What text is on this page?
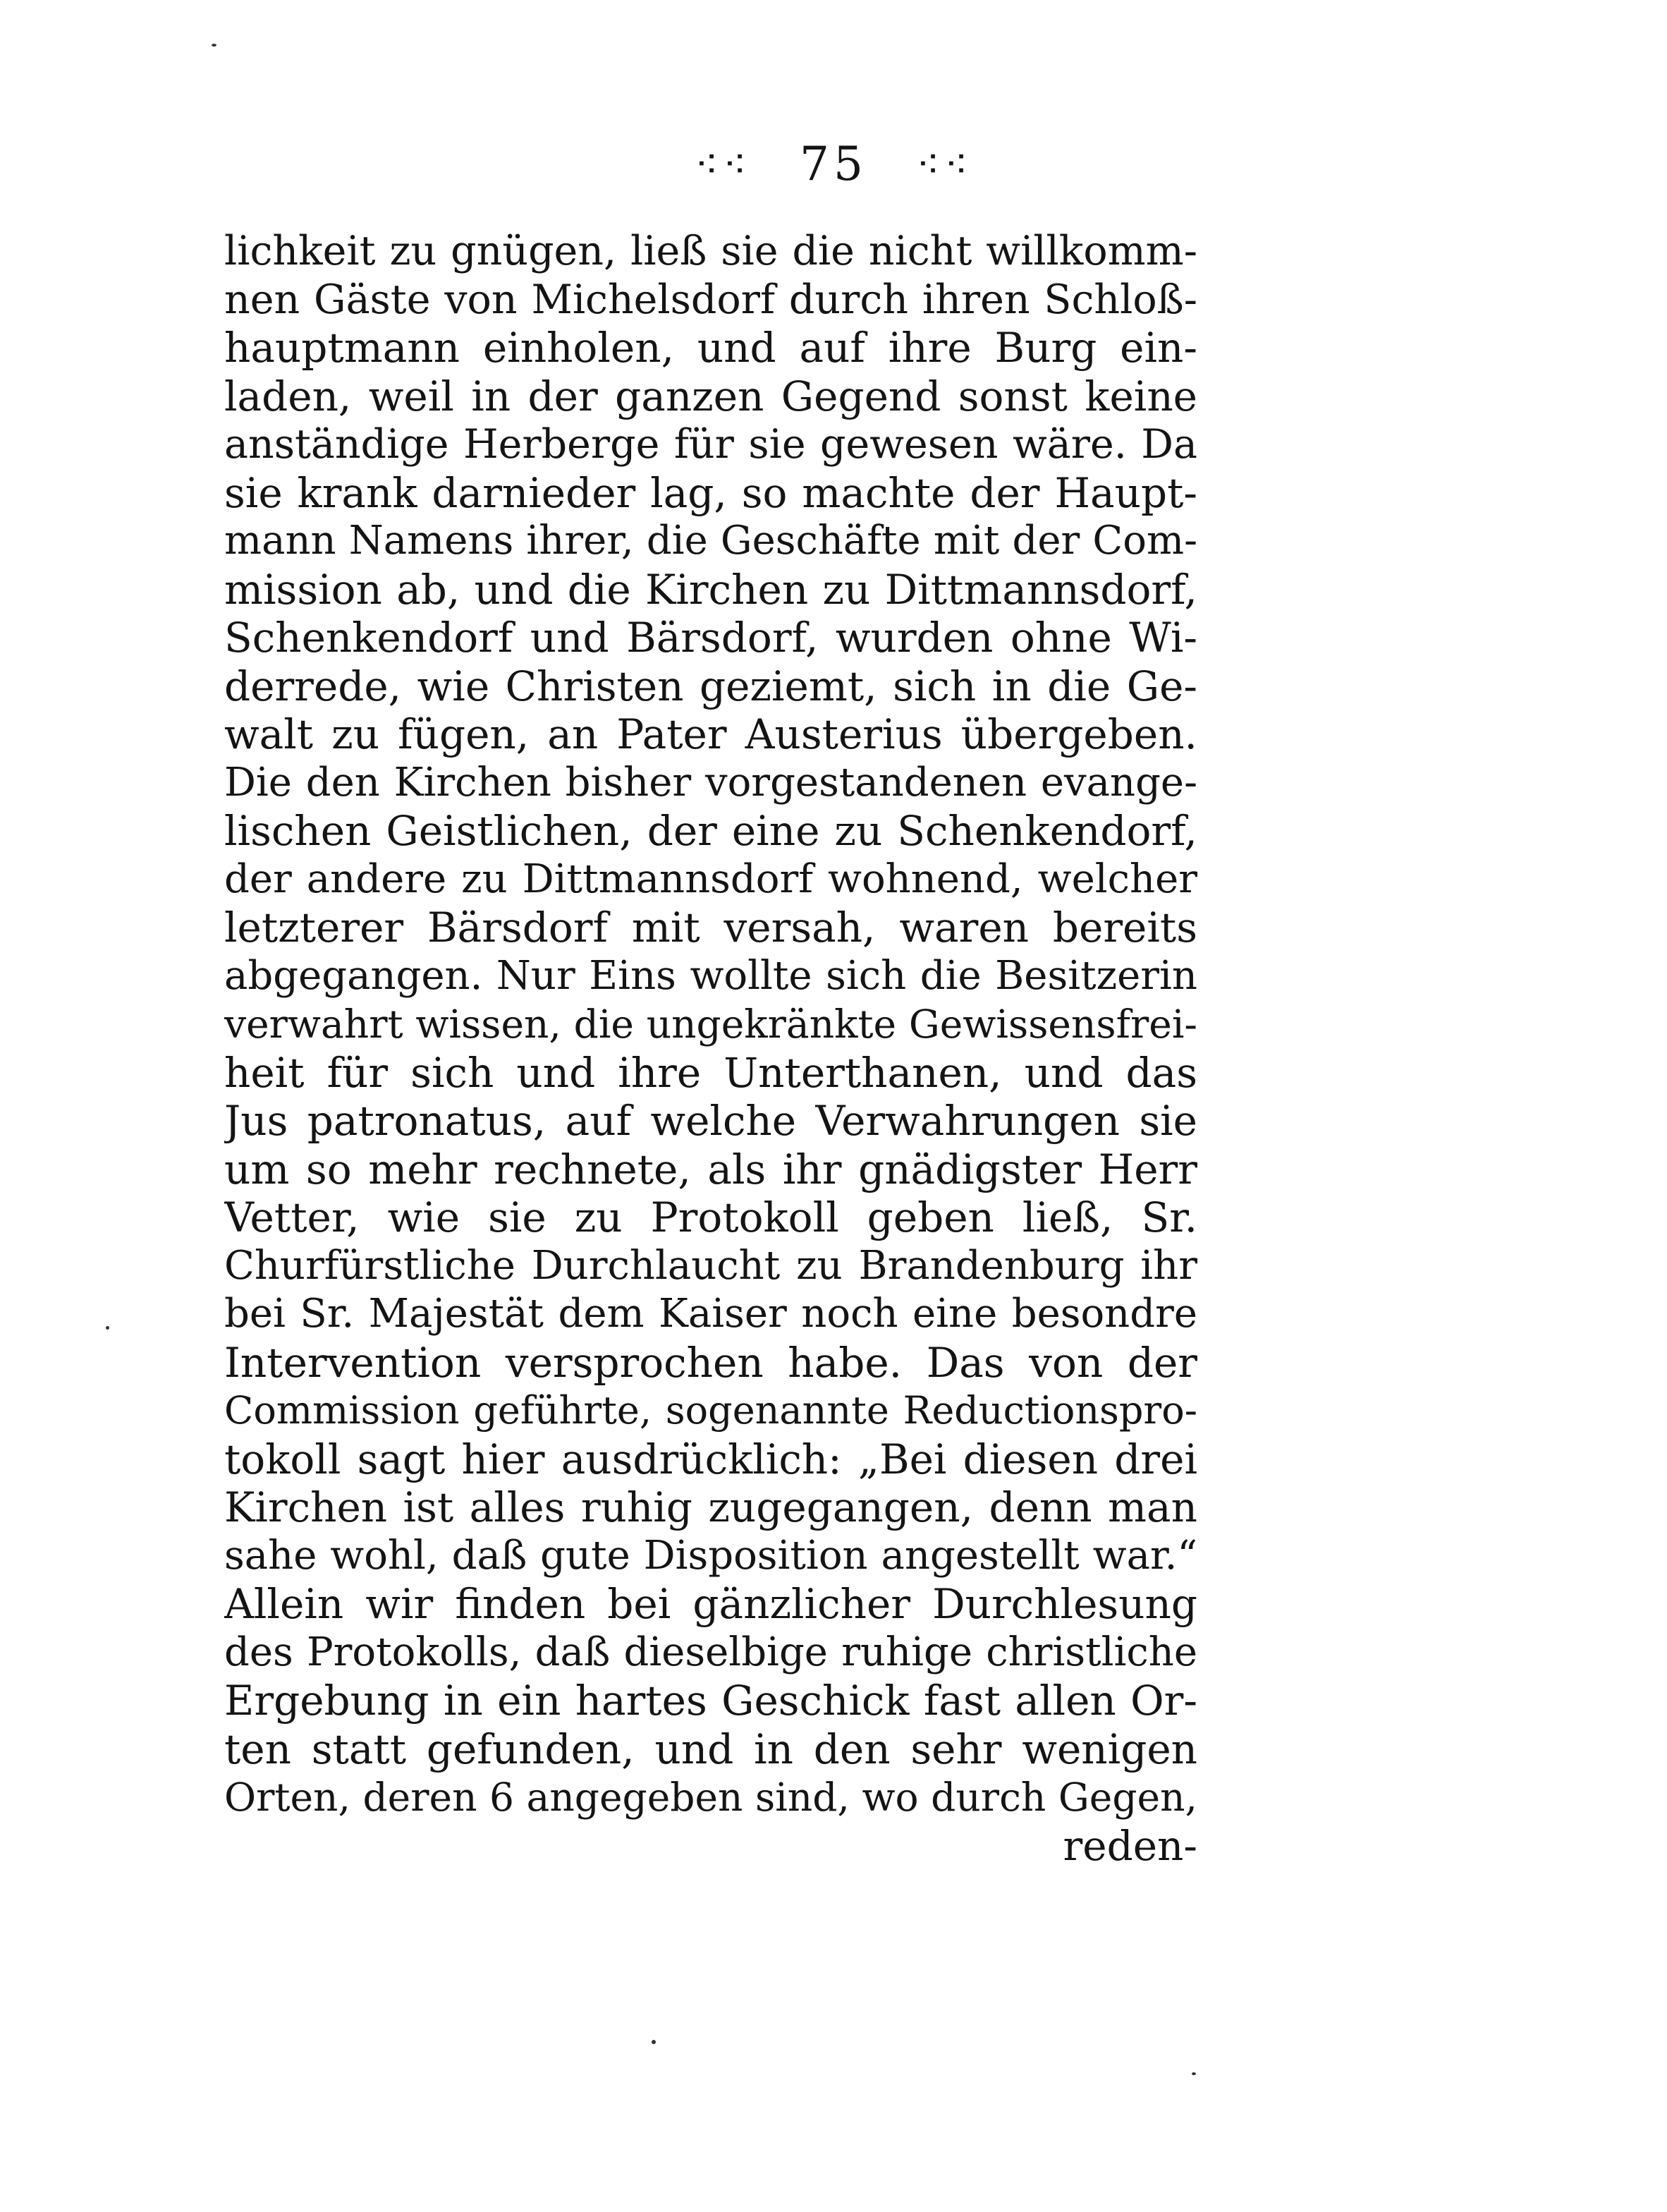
⁖⁖ 75 ⁖⁖
lichkeit zu gnügen, ließ sie die nicht willkomm-
nen Gäste von Michelsdorf durch ihren Schloß-
hauptmann einholen, und auf ihre Burg ein-
laden, weil in der ganzen Gegend sonst keine
anständige Herberge für sie gewesen wäre. Da
sie krank darnieder lag, so machte der Haupt-
mann Namens ihrer, die Geschäfte mit der Com-
mission ab, und die Kirchen zu Dittmannsdorf,
Schenkendorf und Bärsdorf, wurden ohne Wi-
derrede, wie Christen geziemt, sich in die Ge-
walt zu fügen, an Pater Austerius übergeben.
Die den Kirchen bisher vorgestandenen evange-
lischen Geistlichen, der eine zu Schenkendorf,
der andere zu Dittmannsdorf wohnend, welcher
letzterer Bärsdorf mit versah, waren bereits
abgegangen. Nur Eins wollte sich die Besitzerin
verwahrt wissen, die ungekränkte Gewissensfrei-
heit für sich und ihre Unterthanen, und das
Jus patronatus, auf welche Verwahrungen sie
um so mehr rechnete, als ihr gnädigster Herr
Vetter, wie sie zu Protokoll geben ließ, Sr.
Churfürstliche Durchlaucht zu Brandenburg ihr
bei Sr. Majestät dem Kaiser noch eine besondre
Intervention versprochen habe. Das von der
Commission geführte, sogenannte Reductionspro-
tokoll sagt hier ausdrücklich: „Bei diesen drei
Kirchen ist alles ruhig zugegangen, denn man
sahe wohl, daß gute Disposition angestellt war.“
Allein wir finden bei gänzlicher Durchlesung
des Protokolls, daß dieselbige ruhige christliche
Ergebung in ein hartes Geschick fast allen Or-
ten statt gefunden, und in den sehr wenigen
Orten, deren 6 angegeben sind, wo durch Gegen,
reden-
